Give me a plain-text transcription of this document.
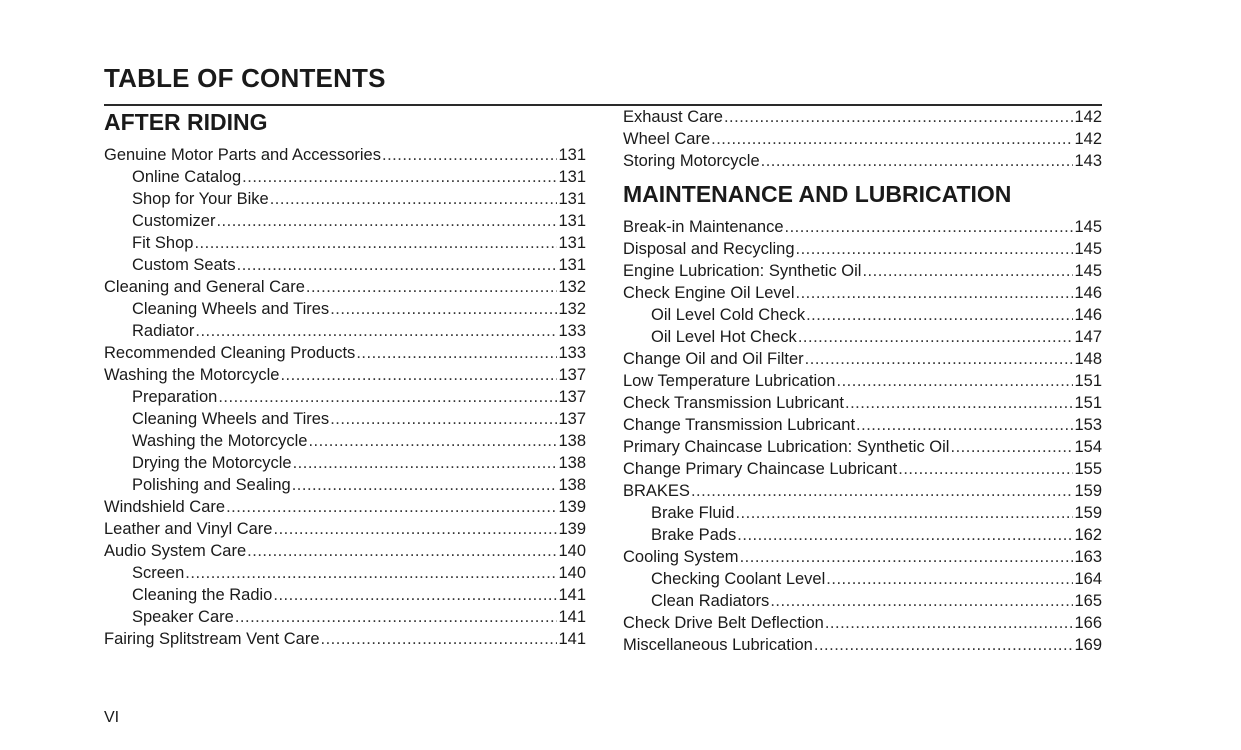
TABLE OF CONTENTS
AFTER RIDING
Genuine Motor Parts and Accessories .....	131
Online Catalog .....	131
Shop for Your Bike .....	131
Customizer .....	131
Fit Shop .....	131
Custom Seats .....	131
Cleaning and General Care .....	132
Cleaning Wheels and Tires .....	132
Radiator .....	133
Recommended Cleaning Products .....	133
Washing the Motorcycle .....	137
Preparation .....	137
Cleaning Wheels and Tires .....	137
Washing the Motorcycle .....	138
Drying the Motorcycle .....	138
Polishing and Sealing .....	138
Windshield Care .....	139
Leather and Vinyl Care .....	139
Audio System Care .....	140
Screen .....	140
Cleaning the Radio .....	141
Speaker Care .....	141
Fairing Splitstream Vent Care .....	141
Exhaust Care .....	142
Wheel Care .....	142
Storing Motorcycle .....	143
MAINTENANCE AND LUBRICATION
Break-in Maintenance .....	145
Disposal and Recycling .....	145
Engine Lubrication: Synthetic Oil .....	145
Check Engine Oil Level .....	146
Oil Level Cold Check .....	146
Oil Level Hot Check .....	147
Change Oil and Oil Filter .....	148
Low Temperature Lubrication .....	151
Check Transmission Lubricant .....	151
Change Transmission Lubricant .....	153
Primary Chaincase Lubrication: Synthetic Oil .....	154
Change Primary Chaincase Lubricant .....	155
BRAKES .....	159
Brake Fluid .....	159
Brake Pads .....	162
Cooling System .....	163
Checking Coolant Level .....	164
Clean Radiators .....	165
Check Drive Belt Deflection .....	166
Miscellaneous Lubrication .....	169
VI
